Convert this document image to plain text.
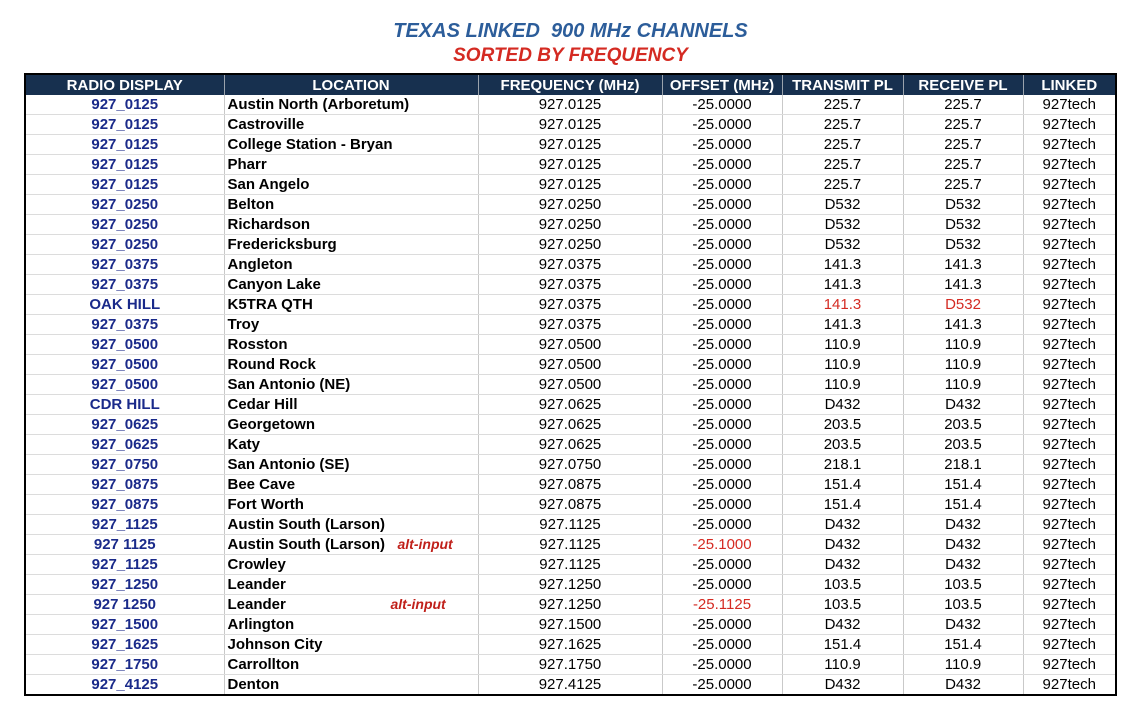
TEXAS LINKED  900 MHz CHANNELS
SORTED BY FREQUENCY
RADIO DISPLAY	LOCATION	FREQUENCY (MHz)	OFFSET (MHz)	TRANSMIT PL	RECEIVE PL	LINKED
927_0125	Austin North (Arboretum)	927.0125	-25.0000	225.7	225.7	927tech
927_0125	Castroville	927.0125	-25.0000	225.7	225.7	927tech
927_0125	College Station - Bryan	927.0125	-25.0000	225.7	225.7	927tech
927_0125	Pharr	927.0125	-25.0000	225.7	225.7	927tech
927_0125	San Angelo	927.0125	-25.0000	225.7	225.7	927tech
927_0250	Belton	927.0250	-25.0000	D532	D532	927tech
927_0250	Richardson	927.0250	-25.0000	D532	D532	927tech
927_0250	Fredericksburg	927.0250	-25.0000	D532	D532	927tech
927_0375	Angleton	927.0375	-25.0000	141.3	141.3	927tech
927_0375	Canyon Lake	927.0375	-25.0000	141.3	141.3	927tech
OAK HILL	K5TRA QTH	927.0375	-25.0000	141.3	D532	927tech
927_0375	Troy	927.0375	-25.0000	141.3	141.3	927tech
927_0500	Rosston	927.0500	-25.0000	110.9	110.9	927tech
927_0500	Round Rock	927.0500	-25.0000	110.9	110.9	927tech
927_0500	San Antonio (NE)	927.0500	-25.0000	110.9	110.9	927tech
CDR HILL	Cedar Hill	927.0625	-25.0000	D432	D432	927tech
927_0625	Georgetown	927.0625	-25.0000	203.5	203.5	927tech
927_0625	Katy	927.0625	-25.0000	203.5	203.5	927tech
927_0750	San Antonio (SE)	927.0750	-25.0000	218.1	218.1	927tech
927_0875	Bee Cave	927.0875	-25.0000	151.4	151.4	927tech
927_0875	Fort Worth	927.0875	-25.0000	151.4	151.4	927tech
927_1125	Austin South (Larson)	927.1125	-25.0000	D432	D432	927tech
927 1125	Austin South (Larson) alt-input	927.1125	-25.1000	D432	D432	927tech
927_1125	Crowley	927.1125	-25.0000	D432	D432	927tech
927_1250	Leander	927.1250	-25.0000	103.5	103.5	927tech
927 1250	Leander alt-input	927.1250	-25.1125	103.5	103.5	927tech
927_1500	Arlington	927.1500	-25.0000	D432	D432	927tech
927_1625	Johnson City	927.1625	-25.0000	151.4	151.4	927tech
927_1750	Carrollton	927.1750	-25.0000	110.9	110.9	927tech
927_4125	Denton	927.4125	-25.0000	D432	D432	927tech
